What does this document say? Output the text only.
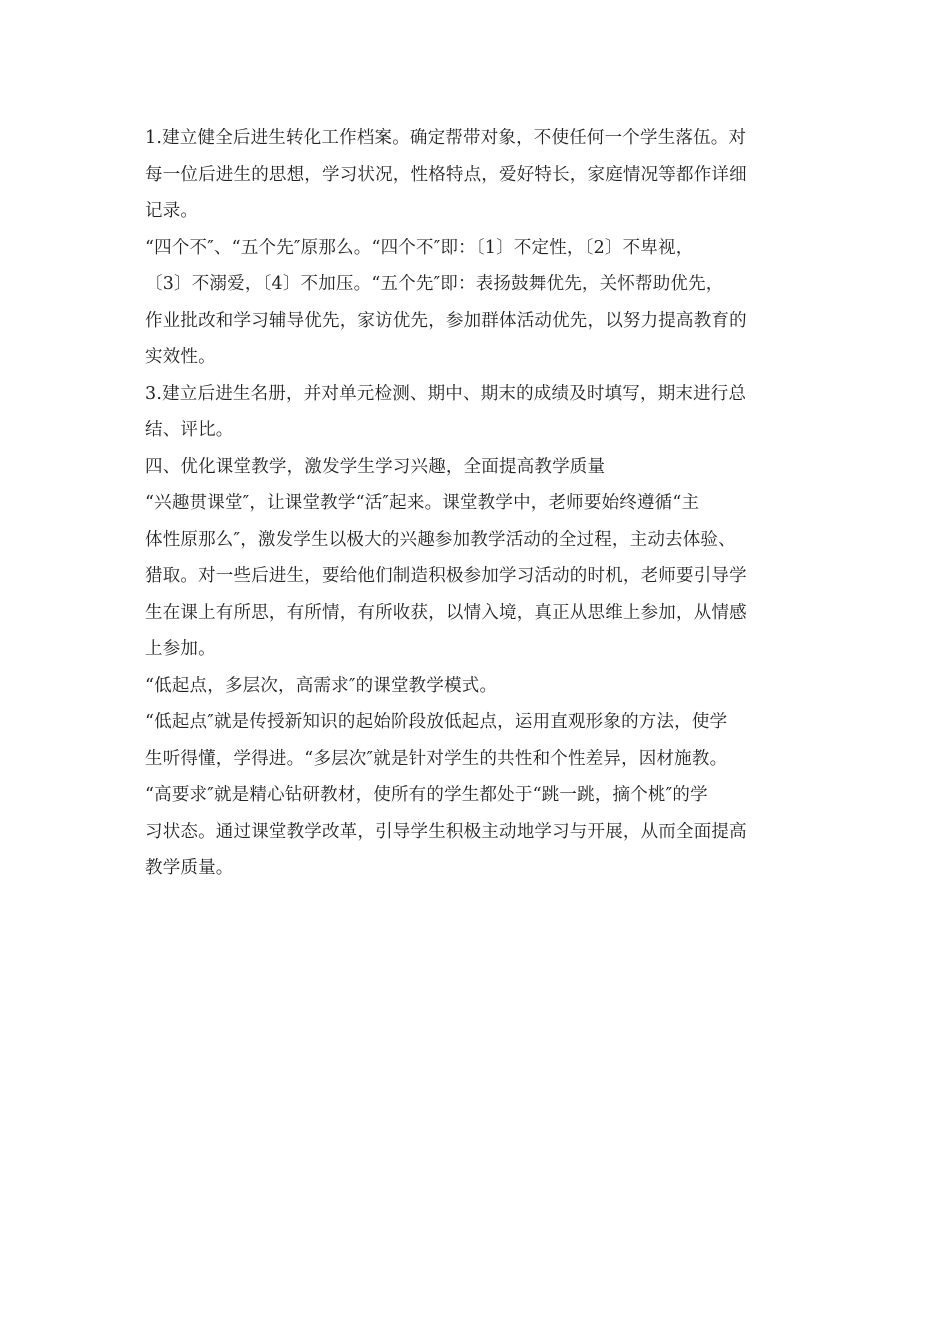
1.建立健全后进生转化工作档案。确定帮带对象，不使任何一个学生落伍。对
每一位后进生的思想，学习状况，性格特点，爱好特长，家庭情况等都作详细
记录。
“四个不″、“五个先″原那么。“四个不″即：〔1〕不定性，〔2〕不卑视，
〔3〕不溺爱，〔4〕不加压。“五个先″即：表扬鼓舞优先，关怀帮助优先，
作业批改和学习辅导优先，家访优先，参加群体活动优先，以努力提高教育的
实效性。
3.建立后进生名册，并对单元检测、期中、期末的成绩及时填写，期末进行总
结、评比。
四、优化课堂教学，激发学生学习兴趣，全面提高教学质量
“兴趣贯课堂″，让课堂教学“活″起来。课堂教学中，老师要始终遵循“主
体性原那么″，激发学生以极大的兴趣参加教学活动的全过程，主动去体验、
猎取。对一些后进生，要给他们制造积极参加学习活动的时机，老师要引导学
生在课上有所思，有所情，有所收获，以情入境，真正从思维上参加，从情感
上参加。
“低起点，多层次，高需求″的课堂教学模式。
“低起点″就是传授新知识的起始阶段放低起点，运用直观形象的方法，使学
生听得懂，学得进。“多层次″就是针对学生的共性和个性差异，因材施教。
“高要求″就是精心钻研教材，使所有的学生都处于“跳一跳，摘个桃″的学
习状态。通过课堂教学改革，引导学生积极主动地学习与开展，从而全面提高
教学质量。
